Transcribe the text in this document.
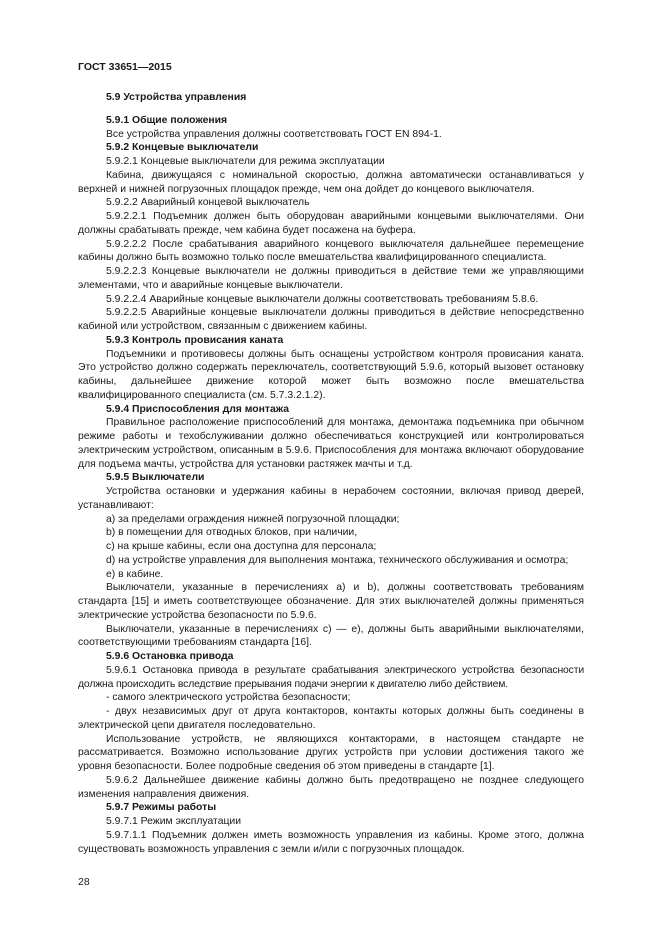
ГОСТ 33651—2015

5.9 Устройства управления

5.9.1 Общие положения

Все устройства управления должны соответствовать ГОСТ EN 894-1.

5.9.2 Концевые выключатели

5.9.2.1 Концевые выключатели для режима эксплуатации

Кабина, движущаяся с номинальной скоростью, должна автоматически останавливаться у верхней и нижней погрузочных площадок прежде, чем она дойдет до концевого выключателя.

5.9.2.2 Аварийный концевой выключатель

5.9.2.2.1 Подъемник должен быть оборудован аварийными концевыми выключателями. Они должны срабатывать прежде, чем кабина будет посажена на буфера.

5.9.2.2.2 После срабатывания аварийного концевого выключателя дальнейшее перемещение кабины должно быть возможно только после вмешательства квалифицированного специалиста.

5.9.2.2.3 Концевые выключатели не должны приводиться в действие теми же управляющими элементами, что и аварийные концевые выключатели.

5.9.2.2.4 Аварийные концевые выключатели должны соответствовать требованиям 5.8.6.

5.9.2.2.5 Аварийные концевые выключатели должны приводиться в действие непосредственно кабиной или устройством, связанным с движением кабины.

5.9.3 Контроль провисания каната

Подъемники и противовесы должны быть оснащены устройством контроля провисания каната. Это устройство должно содержать переключатель, соответствующий 5.9.6, который вызовет остановку кабины, дальнейшее движение которой может быть возможно после вмешательства квалифицированного специалиста (см. 5.7.3.2.1.2).

5.9.4 Приспособления для монтажа

Правильное расположение приспособлений для монтажа, демонтажа подъемника при обычном режиме работы и техобслуживании должно обеспечиваться конструкцией или контролироваться электрическим устройством, описанным в 5.9.6. Приспособления для монтажа включают оборудование для подъема мачты, устройства для установки растяжек мачты и т.д.

5.9.5 Выключатели

Устройства остановки и удержания кабины в нерабочем состоянии, включая привод дверей, устанавливают:

a) за пределами ограждения нижней погрузочной площадки;

b) в помещении для отводных блоков, при наличии,

c) на крыше кабины, если она доступна для персонала;

d) на устройстве управления для выполнения монтажа, технического обслуживания и осмотра;

e) в кабине.

Выключатели, указанные в перечислениях a) и b), должны соответствовать требованиям стандарта [15] и иметь соответствующее обозначение. Для этих выключателей должны применяться электрические устройства безопасности по 5.9.6.

Выключатели, указанные в перечислениях c) — e), должны быть аварийными выключателями, соответствующими требованиям стандарта [16].

5.9.6 Остановка привода

5.9.6.1 Остановка привода в результате срабатывания электрического устройства безопасности должна происходить вследствие прерывания подачи энергии к двигателю либо действием.

- самого электрического устройства безопасности;

- двух независимых друг от друга контакторов, контакты которых должны быть соединены в электрической цепи двигателя последовательно.

Использование устройств, не являющихся контакторами, в настоящем стандарте не рассматривается. Возможно использование других устройств при условии достижения такого же уровня безопасности. Более подробные сведения об этом приведены в стандарте [1].

5.9.6.2 Дальнейшее движение кабины должно быть предотвращено не позднее следующего изменения направления движения.

5.9.7 Режимы работы

5.9.7.1 Режим эксплуатации

5.9.7.1.1 Подъемник должен иметь возможность управления из кабины. Кроме этого, должна существовать возможность управления с земли и/или с погрузочных площадок.

28
